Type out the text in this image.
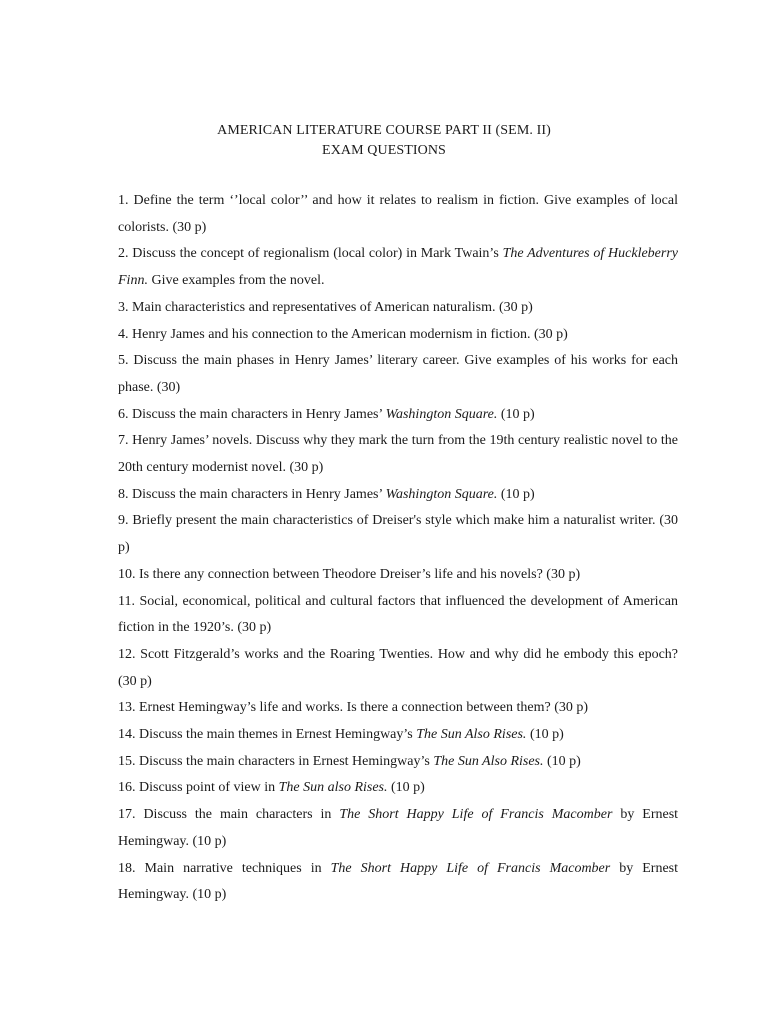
AMERICAN LITERATURE COURSE PART II (SEM. II)
EXAM QUESTIONS
1. Define the term ‘’local color’’ and how it relates to realism in fiction. Give examples of local colorists. (30 p)
2. Discuss the concept of regionalism (local color) in Mark Twain’s The Adventures of Huckleberry Finn. Give examples from the novel.
3. Main characteristics and representatives of American naturalism. (30 p)
4. Henry James and his connection to the American modernism in fiction. (30 p)
5. Discuss the main phases in Henry James’ literary career. Give examples of his works for each phase. (30)
6. Discuss the main characters in Henry James’ Washington Square. (10 p)
7. Henry James’ novels. Discuss why they mark the turn from the 19th century realistic novel to the 20th century modernist novel. (30 p)
8. Discuss the main characters in Henry James’ Washington Square. (10 p)
9. Briefly present the main characteristics of Dreiser's style which make him a naturalist writer. (30 p)
10. Is there any connection between Theodore Dreiser’s life and his novels? (30 p)
11. Social, economical, political and cultural factors that influenced the development of American fiction in the 1920’s. (30 p)
12. Scott Fitzgerald’s works and the Roaring Twenties. How and why did he embody this epoch? (30 p)
13. Ernest Hemingway’s life and works. Is there a connection between them? (30 p)
14. Discuss the main themes in Ernest Hemingway’s The Sun Also Rises. (10 p)
15. Discuss the main characters in Ernest Hemingway’s The Sun Also Rises. (10 p)
16. Discuss point of view in The Sun also Rises. (10 p)
17. Discuss the main characters in The Short Happy Life of Francis Macomber by Ernest Hemingway. (10 p)
18. Main narrative techniques in The Short Happy Life of Francis Macomber by Ernest Hemingway. (10 p)
